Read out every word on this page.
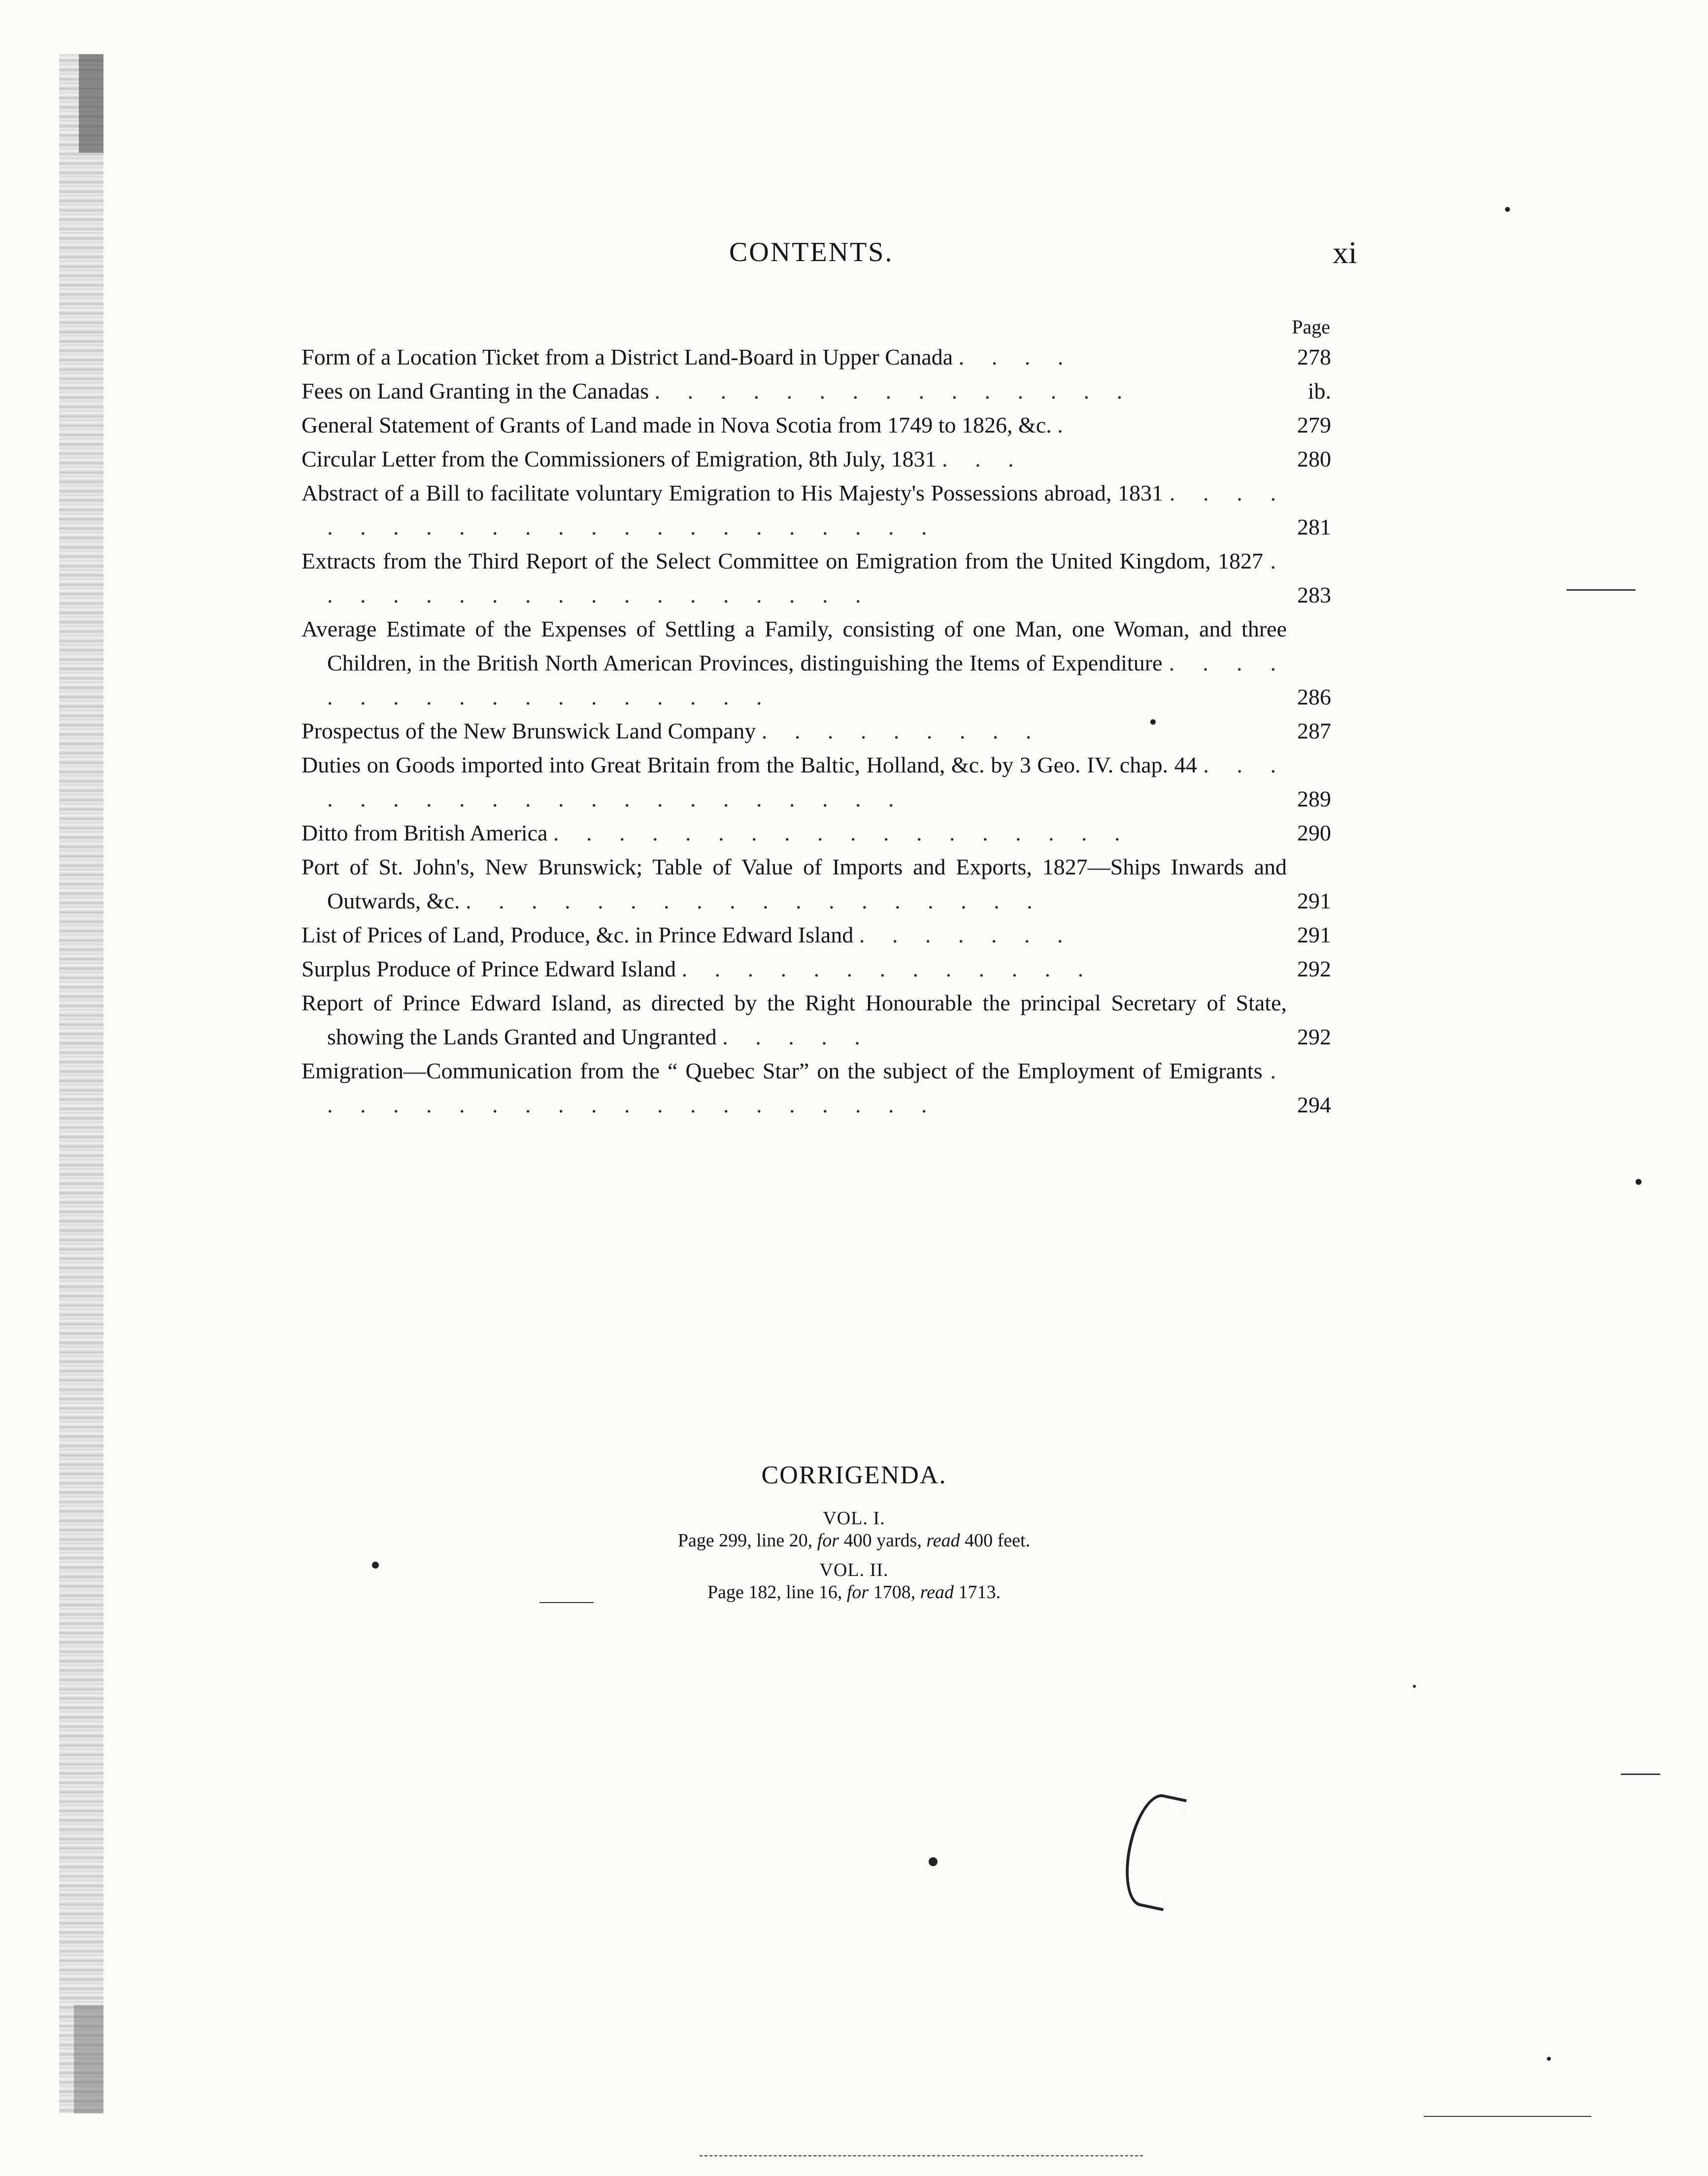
CONTENTS.	xi
Page
Form of a Location Ticket from a District Land-Board in Upper Canada . . . .	278
Fees on Land Granting in the Canadas . . . . . . . . . . . . . . .	ib.
General Statement of Grants of Land made in Nova Scotia from 1749 to 1826, &c. .	279
Circular Letter from the Commissioners of Emigration, 8th July, 1831 . . .	280
Abstract of a Bill to facilitate voluntary Emigration to His Majesty's Possessions abroad, 1831 . . . . . . . . . . . . . . . . . . . . . . .	281
Extracts from the Third Report of the Select Committee on Emigration from the United Kingdom, 1827 . . . . . . . . . . . . . . . . . .	283
Average Estimate of the Expenses of Settling a Family, consisting of one Man, one Woman, and three Children, in the British North American Provinces, distinguishing the Items of Expenditure . . . . . . . . . . . . . . . . . .	286
Prospectus of the New Brunswick Land Company . . . . . . . . .	287
Duties on Goods imported into Great Britain from the Baltic, Holland, &c. by 3 Geo. IV. chap. 44 . . . . . . . . . . . . . . . . . . . . .	289
Ditto from British America . . . . . . . . . . . . . . . . . .	290
Port of St. John's, New Brunswick; Table of Value of Imports and Exports, 1827—Ships Inwards and Outwards, &c. . . . . . . . . . . . . . . . . . .	291
List of Prices of Land, Produce, &c. in Prince Edward Island . . . . . . .	291
Surplus Produce of Prince Edward Island . . . . . . . . . . . . .	292
Report of Prince Edward Island, as directed by the Right Honourable the principal Secretary of State, showing the Lands Granted and Ungranted . . . . .	292
Emigration—Communication from the “ Quebec Star” on the subject of the Employment of Emigrants . . . . . . . . . . . . . . . . . . . .	294
CORRIGENDA.
VOL. I.
Page 299, line 20, for 400 yards, read 400 feet.
VOL. II.
Page 182, line 16, for 1708, read 1713.
